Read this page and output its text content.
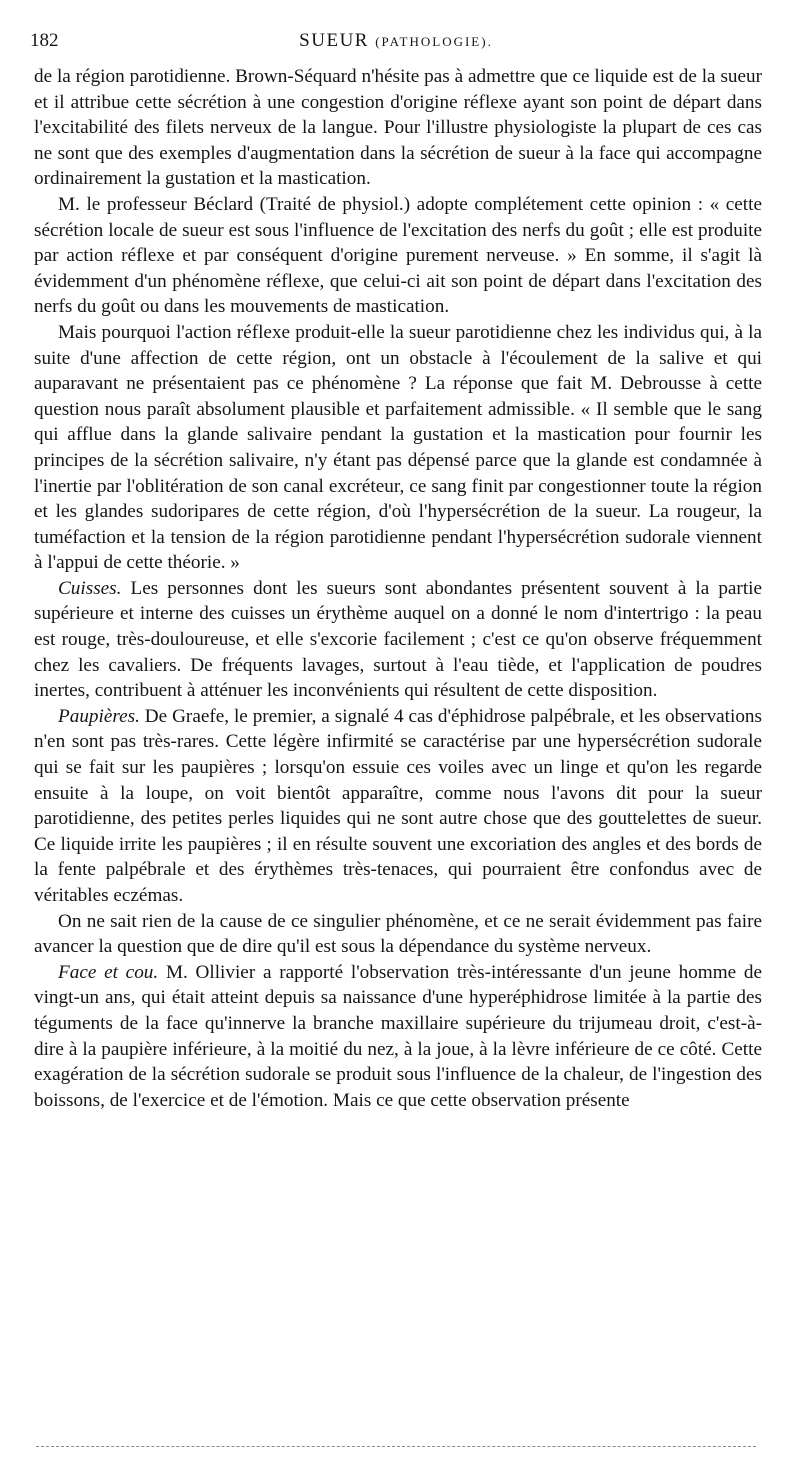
182	SUEUR (PATHOLOGIE).

de la région parotidienne. Brown-Séquard n'hésite pas à admettre que ce liquide est de la sueur et il attribue cette sécrétion à une congestion d'origine réflexe ayant son point de départ dans l'excitabilité des filets nerveux de la langue. Pour l'illustre physiologiste la plupart de ces cas ne sont que des exemples d'augmentation dans la sécrétion de sueur à la face qui accompagne ordinairement la gustation et la mastication.

M. le professeur Béclard (Traité de physiol.) adopte complétement cette opinion : « cette sécrétion locale de sueur est sous l'influence de l'excitation des nerfs du goût ; elle est produite par action réflexe et par conséquent d'origine purement nerveuse. » En somme, il s'agit là évidemment d'un phénomène réflexe, que celui-ci ait son point de départ dans l'excitation des nerfs du goût ou dans les mouvements de mastication.

Mais pourquoi l'action réflexe produit-elle la sueur parotidienne chez les individus qui, à la suite d'une affection de cette région, ont un obstacle à l'écoulement de la salive et qui auparavant ne présentaient pas ce phénomène ? La réponse que fait M. Debrousse à cette question nous paraît absolument plausible et parfaitement admissible. « Il semble que le sang qui afflue dans la glande salivaire pendant la gustation et la mastication pour fournir les principes de la sécrétion salivaire, n'y étant pas dépensé parce que la glande est condamnée à l'inertie par l'oblitération de son canal excréteur, ce sang finit par congestionner toute la région et les glandes sudoripares de cette région, d'où l'hypersécrétion de la sueur. La rougeur, la tuméfaction et la tension de la région parotidienne pendant l'hypersécrétion sudorale viennent à l'appui de cette théorie. »

Cuisses. Les personnes dont les sueurs sont abondantes présentent souvent à la partie supérieure et interne des cuisses un érythème auquel on a donné le nom d'intertrigo : la peau est rouge, très-douloureuse, et elle s'excorie facilement ; c'est ce qu'on observe fréquemment chez les cavaliers. De fréquents lavages, surtout à l'eau tiède, et l'application de poudres inertes, contribuent à atténuer les inconvénients qui résultent de cette disposition.

Paupières. De Graefe, le premier, a signalé 4 cas d'éphidrose palpébrale, et les observations n'en sont pas très-rares. Cette légère infirmité se caractérise par une hypersécrétion sudorale qui se fait sur les paupières ; lorsqu'on essuie ces voiles avec un linge et qu'on les regarde ensuite à la loupe, on voit bientôt apparaître, comme nous l'avons dit pour la sueur parotidienne, des petites perles liquides qui ne sont autre chose que des gouttelettes de sueur. Ce liquide irrite les paupières ; il en résulte souvent une excoriation des angles et des bords de la fente palpébrale et des érythèmes très-tenaces, qui pourraient être confondus avec de véritables eczémas.

On ne sait rien de la cause de ce singulier phénomène, et ce ne serait évidemment pas faire avancer la question que de dire qu'il est sous la dépendance du système nerveux.

Face et cou. M. Ollivier a rapporté l'observation très-intéressante d'un jeune homme de vingt-un ans, qui était atteint depuis sa naissance d'une hyperéphidrose limitée à la partie des téguments de la face qu'innerve la branche maxillaire supérieure du trijumeau droit, c'est-à-dire à la paupière inférieure, à la moitié du nez, à la joue, à la lèvre inférieure de ce côté. Cette exagération de la sécrétion sudorale se produit sous l'influence de la chaleur, de l'ingestion des boissons, de l'exercice et de l'émotion. Mais ce que cette observation présente
